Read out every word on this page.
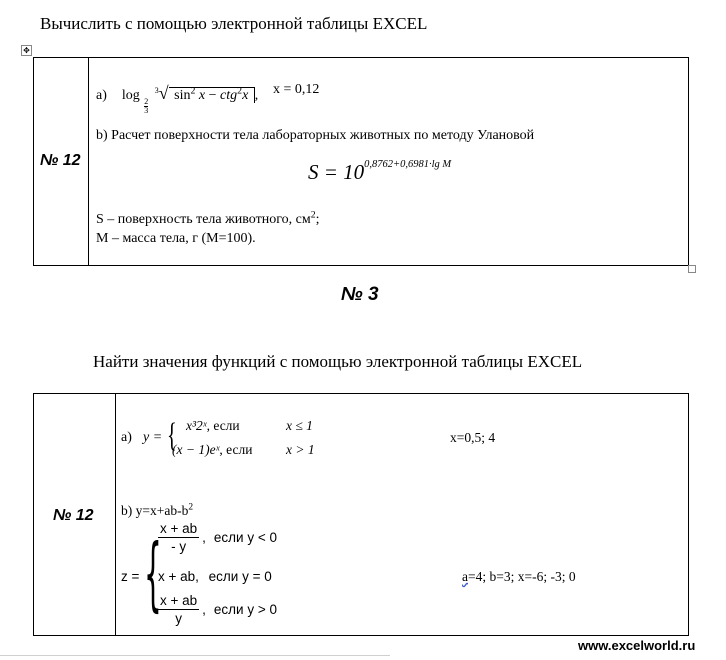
Вычислить с помощью электронной таблицы EXCEL
✥
№ 12
a) log
$\frac{2}{3}$
$^3$√ $\sin^2 x - ctg^2x$ , x = 0,12
b) Расчет поверхности тела лабораторных животных по методу Улановой
$S = 10^{0,8762+0,6981\cdot lg M}$
S – поверхность тела животного, $см^2$;
М – масса тела, г (М=100).
№ 3
Найти значения функций с помощью электронной таблицы EXCEL
№ 12
a) y = { x³2ˣ, если	x ≤ 1
(x − 1)eˣ, если x > 1
x=0,5; 4
b) $y=x+ab-b^2$
z = {
$\frac{x + ab}{- y}$ , если y < 0
x + ab, если y = 0
$\frac{x + ab}{y}$ , если y > 0
a=4; b=3; x=-6; -3; 0
www.excelworld.ru
